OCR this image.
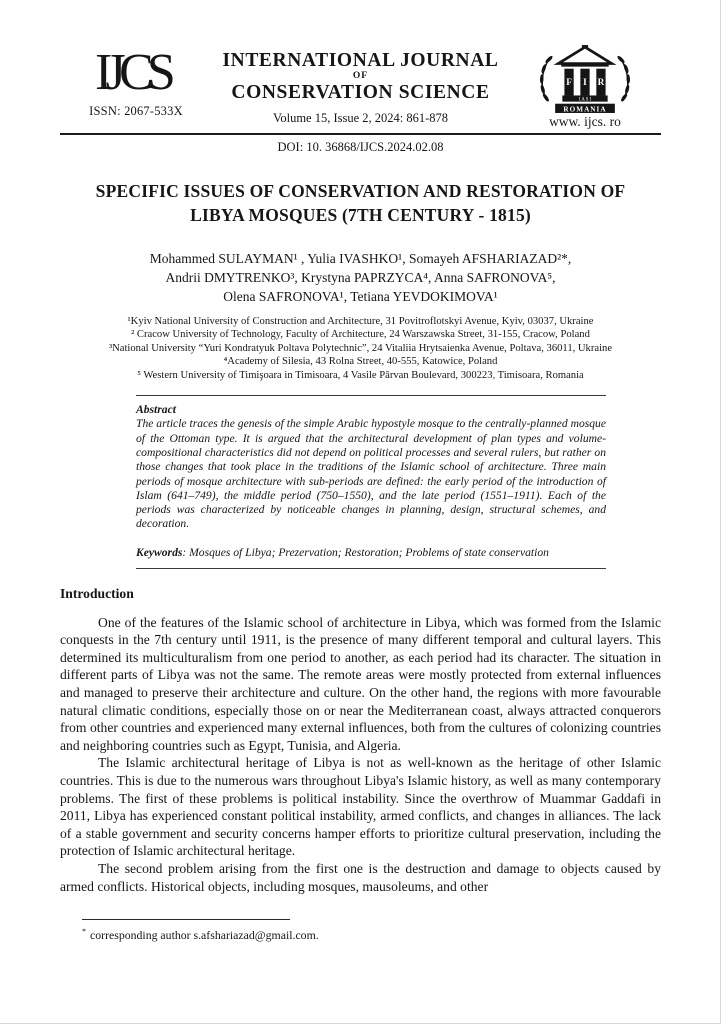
IJCS
ISSN: 2067-533X
INTERNATIONAL JOURNAL
OF
CONSERVATION SCIENCE
Volume 15, Issue 2, 2024: 861-878
F I R
I A S I
ROMANIA
www. ijcs. ro
DOI: 10. 36868/IJCS.2024.02.08
SPECIFIC ISSUES OF CONSERVATION AND RESTORATION OF
LIBYA MOSQUES (7TH CENTURY - 1815)
Mohammed SULAYMAN¹ , Yulia IVASHKO¹, Somayeh AFSHARIAZAD²*,
Andrii DMYTRENKO³, Krystyna PAPRZYCA⁴, Anna SAFRONOVA⁵,
Olena SAFRONOVA¹, Tetiana YEVDOKIMOVA¹
¹Kyiv National University of Construction and Architecture, 31 Povitroflotskyi Avenue, Kyiv, 03037, Ukraine
² Cracow University of Technology, Faculty of Architecture, 24 Warszawska Street, 31-155, Cracow, Poland
³National University “Yuri Kondratyuk Poltava Polytechnic”, 24 Vitaliia Hrytsaienka Avenue, Poltava, 36011, Ukraine
⁴Academy of Silesia, 43 Rolna Street, 40-555, Katowice, Poland
⁵ Western University of Timişoara in Timisoara, 4 Vasile Pârvan Boulevard, 300223, Timisoara, Romania
Abstract
The article traces the genesis of the simple Arabic hypostyle mosque to the centrally-planned mosque of the Ottoman type. It is argued that the architectural development of plan types and volume-compositional characteristics did not depend on political processes and several rulers, but rather on those changes that took place in the traditions of the Islamic school of architecture. Three main periods of mosque architecture with sub-periods are defined: the early period of the introduction of Islam (641–749), the middle period (750–1550), and the late period (1551–1911). Each of the periods was characterized by noticeable changes in planning, design, structural schemes, and decoration.
Keywords: Mosques of Libya; Prezervation; Restoration; Problems of state conservation
Introduction

One of the features of the Islamic school of architecture in Libya, which was formed from the Islamic conquests in the 7th century until 1911, is the presence of many different temporal and cultural layers. This determined its multiculturalism from one period to another, as each period had its character. The situation in different parts of Libya was not the same. The remote areas were mostly protected from external influences and managed to preserve their architecture and culture. On the other hand, the regions with more favourable natural climatic conditions, especially those on or near the Mediterranean coast, always attracted conquerors from other countries and experienced many external influences, both from the cultures of colonizing countries and neighboring countries such as Egypt, Tunisia, and Algeria.

The Islamic architectural heritage of Libya is not as well-known as the heritage of other Islamic countries. This is due to the numerous wars throughout Libya's Islamic history, as well as many contemporary problems. The first of these problems is political instability. Since the overthrow of Muammar Gaddafi in 2011, Libya has experienced constant political instability, armed conflicts, and changes in alliances. The lack of a stable government and security concerns hamper efforts to prioritize cultural preservation, including the protection of Islamic architectural heritage.

The second problem arising from the first one is the destruction and damage to objects caused by armed conflicts. Historical objects, including mosques, mausoleums, and other

* corresponding author s.afshariazad@gmail.com.
